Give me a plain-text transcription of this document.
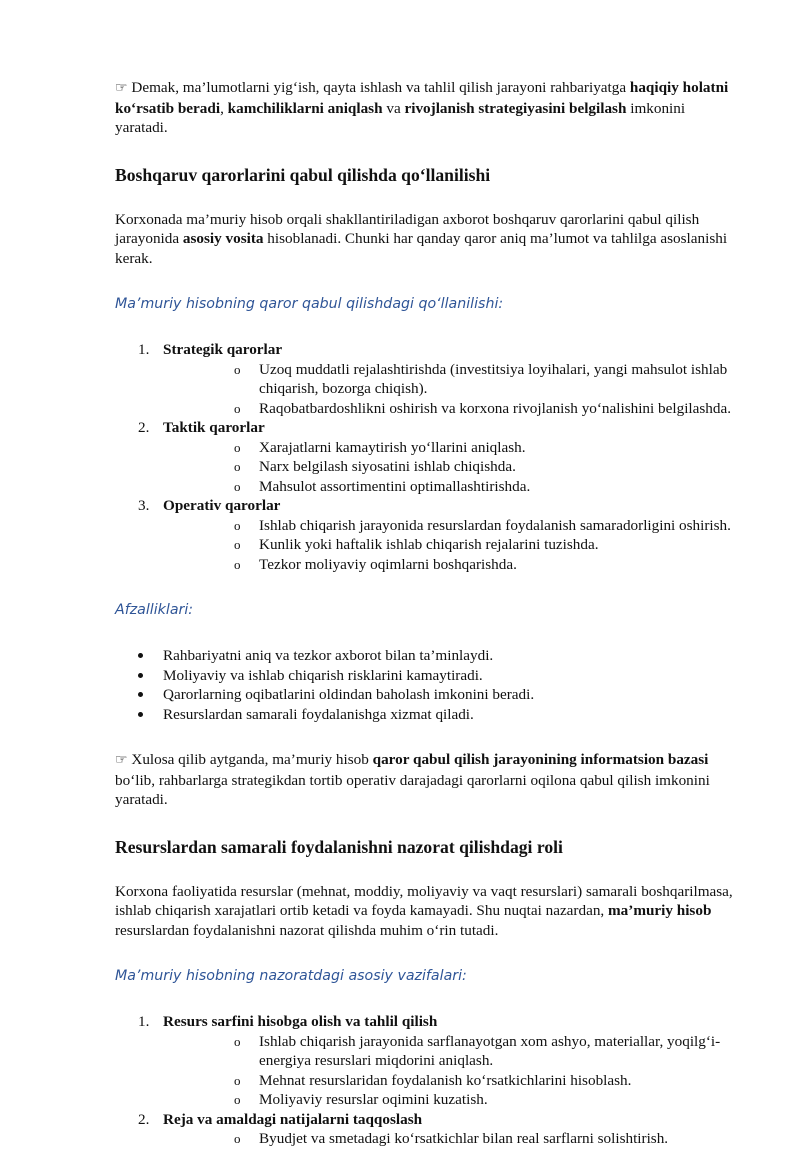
☞ Demak, ma’lumotlarni yig‘ish, qayta ishlash va tahlil qilish jarayoni rahbariyatga haqiqiy holatni ko‘rsatib beradi, kamchiliklarni aniqlash va rivojlanish strategiyasini belgilash imkonini yaratadi.

Boshqaruv qarorlarini qabul qilishda qo‘llanilishi

Korxonada ma’muriy hisob orqali shakllantiriladigan axborot boshqaruv qarorlarini qabul qilish jarayonida asosiy vosita hisoblanadi. Chunki har qanday qaror aniq ma’lumot va tahlilga asoslanishi kerak.

Ma’muriy hisobning qaror qabul qilishdagi qo‘llanilishi:

1. Strategik qarorlar
o Uzoq muddatli rejalashtirishda (investitsiya loyihalari, yangi mahsulot ishlab chiqarish, bozorga chiqish).
o Raqobatbardoshlikni oshirish va korxona rivojlanish yo‘nalishini belgilashda.
2. Taktik qarorlar
o Xarajatlarni kamaytirish yo‘llarini aniqlash.
o Narx belgilash siyosatini ishlab chiqishda.
o Mahsulot assortimentini optimallashtirishda.
3. Operativ qarorlar
o Ishlab chiqarish jarayonida resurslardan foydalanish samaradorligini oshirish.
o Kunlik yoki haftalik ishlab chiqarish rejalarini tuzishda.
o Tezkor moliyaviy oqimlarni boshqarishda.

Afzalliklari:

Rahbariyatni aniq va tezkor axborot bilan ta’minlaydi.
Moliyaviy va ishlab chiqarish risklarini kamaytiradi.
Qarorlarning oqibatlarini oldindan baholash imkonini beradi.
Resurslardan samarali foydalanishga xizmat qiladi.

☞ Xulosa qilib aytganda, ma’muriy hisob qaror qabul qilish jarayonining informatsion bazasi bo‘lib, rahbarlarga strategikdan tortib operativ darajadagi qarorlarni oqilona qabul qilish imkonini yaratadi.

Resurslardan samarali foydalanishni nazorat qilishdagi roli

Korxona faoliyatida resurslar (mehnat, moddiy, moliyaviy va vaqt resurslari) samarali boshqarilmasa, ishlab chiqarish xarajatlari ortib ketadi va foyda kamayadi. Shu nuqtai nazardan, ma’muriy hisob resurslardan foydalanishni nazorat qilishda muhim o‘rin tutadi.

Ma’muriy hisobning nazoratdagi asosiy vazifalari:

1. Resurs sarfini hisobga olish va tahlil qilish
o Ishlab chiqarish jarayonida sarflanayotgan xom ashyo, materiallar, yoqilg‘i-energiya resurslari miqdorini aniqlash.
o Mehnat resurslaridan foydalanish ko‘rsatkichlarini hisoblash.
o Moliyaviy resurslar oqimini kuzatish.
2. Reja va amaldagi natijalarni taqqoslash
o Byudjet va smetadagi ko‘rsatkichlar bilan real sarflarni solishtirish.
